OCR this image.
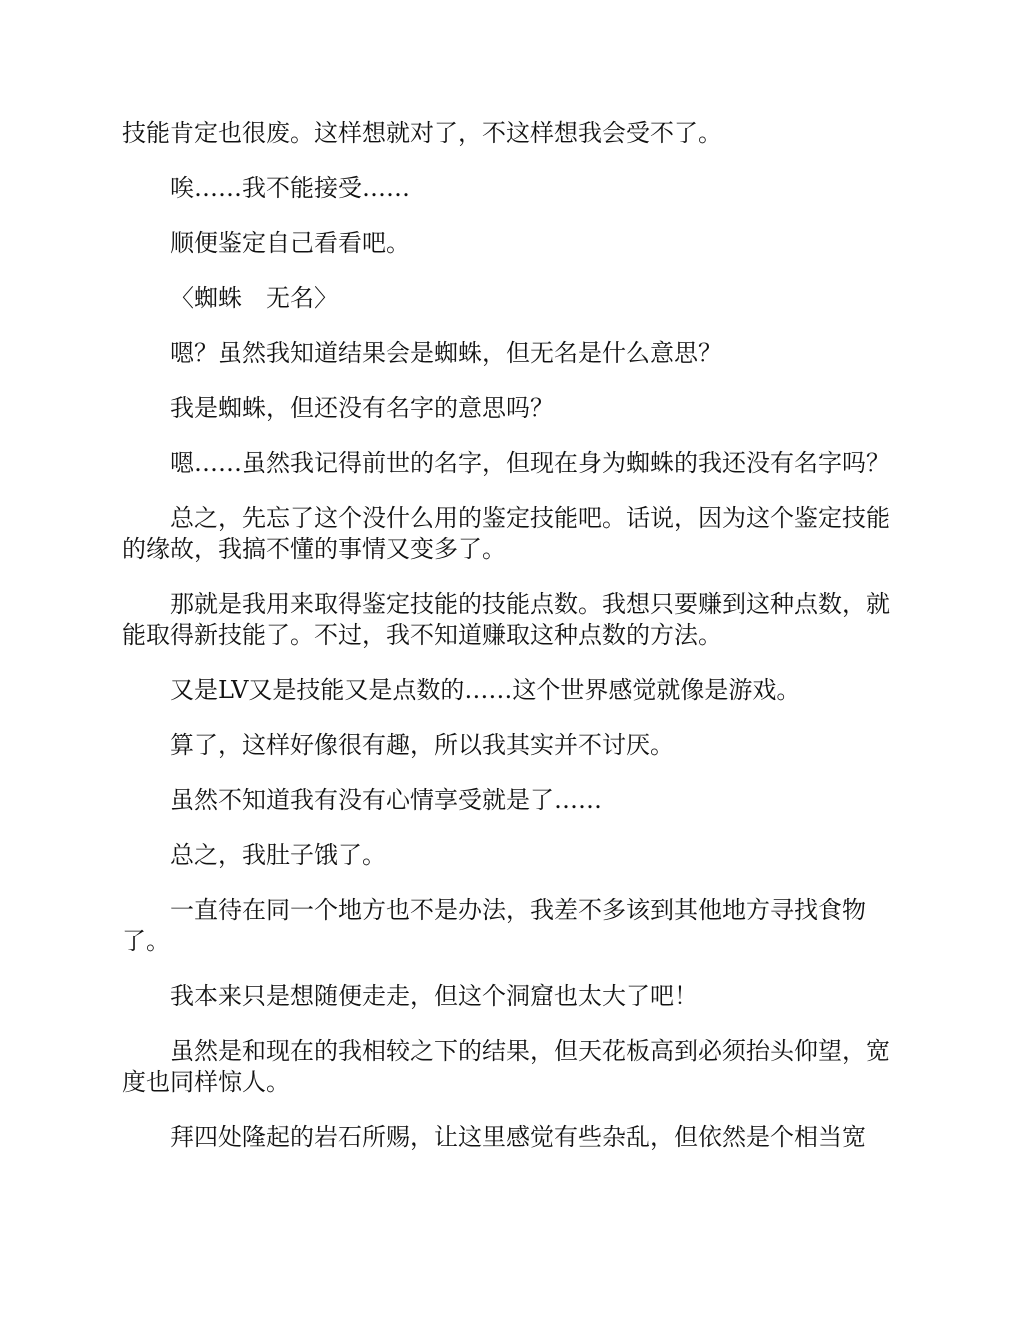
技能肯定也很废。这样想就对了，不这样想我会受不了。

唉……我不能接受……

顺便鉴定自己看看吧。

〈蜘蛛　无名〉

嗯？虽然我知道结果会是蜘蛛，但无名是什么意思？

我是蜘蛛，但还没有名字的意思吗？

嗯……虽然我记得前世的名字，但现在身为蜘蛛的我还没有名字吗？

总之，先忘了这个没什么用的鉴定技能吧。话说，因为这个鉴定技能的缘故，我搞不懂的事情又变多了。

那就是我用来取得鉴定技能的技能点数。我想只要赚到这种点数，就能取得新技能了。不过，我不知道赚取这种点数的方法。

又是LV又是技能又是点数的……这个世界感觉就像是游戏。

算了，这样好像很有趣，所以我其实并不讨厌。

虽然不知道我有没有心情享受就是了……

总之，我肚子饿了。

一直待在同一个地方也不是办法，我差不多该到其他地方寻找食物了。

我本来只是想随便走走，但这个洞窟也太大了吧！

虽然是和现在的我相较之下的结果，但天花板高到必须抬头仰望，宽度也同样惊人。

拜四处隆起的岩石所赐，让这里感觉有些杂乱，但依然是个相当宽
